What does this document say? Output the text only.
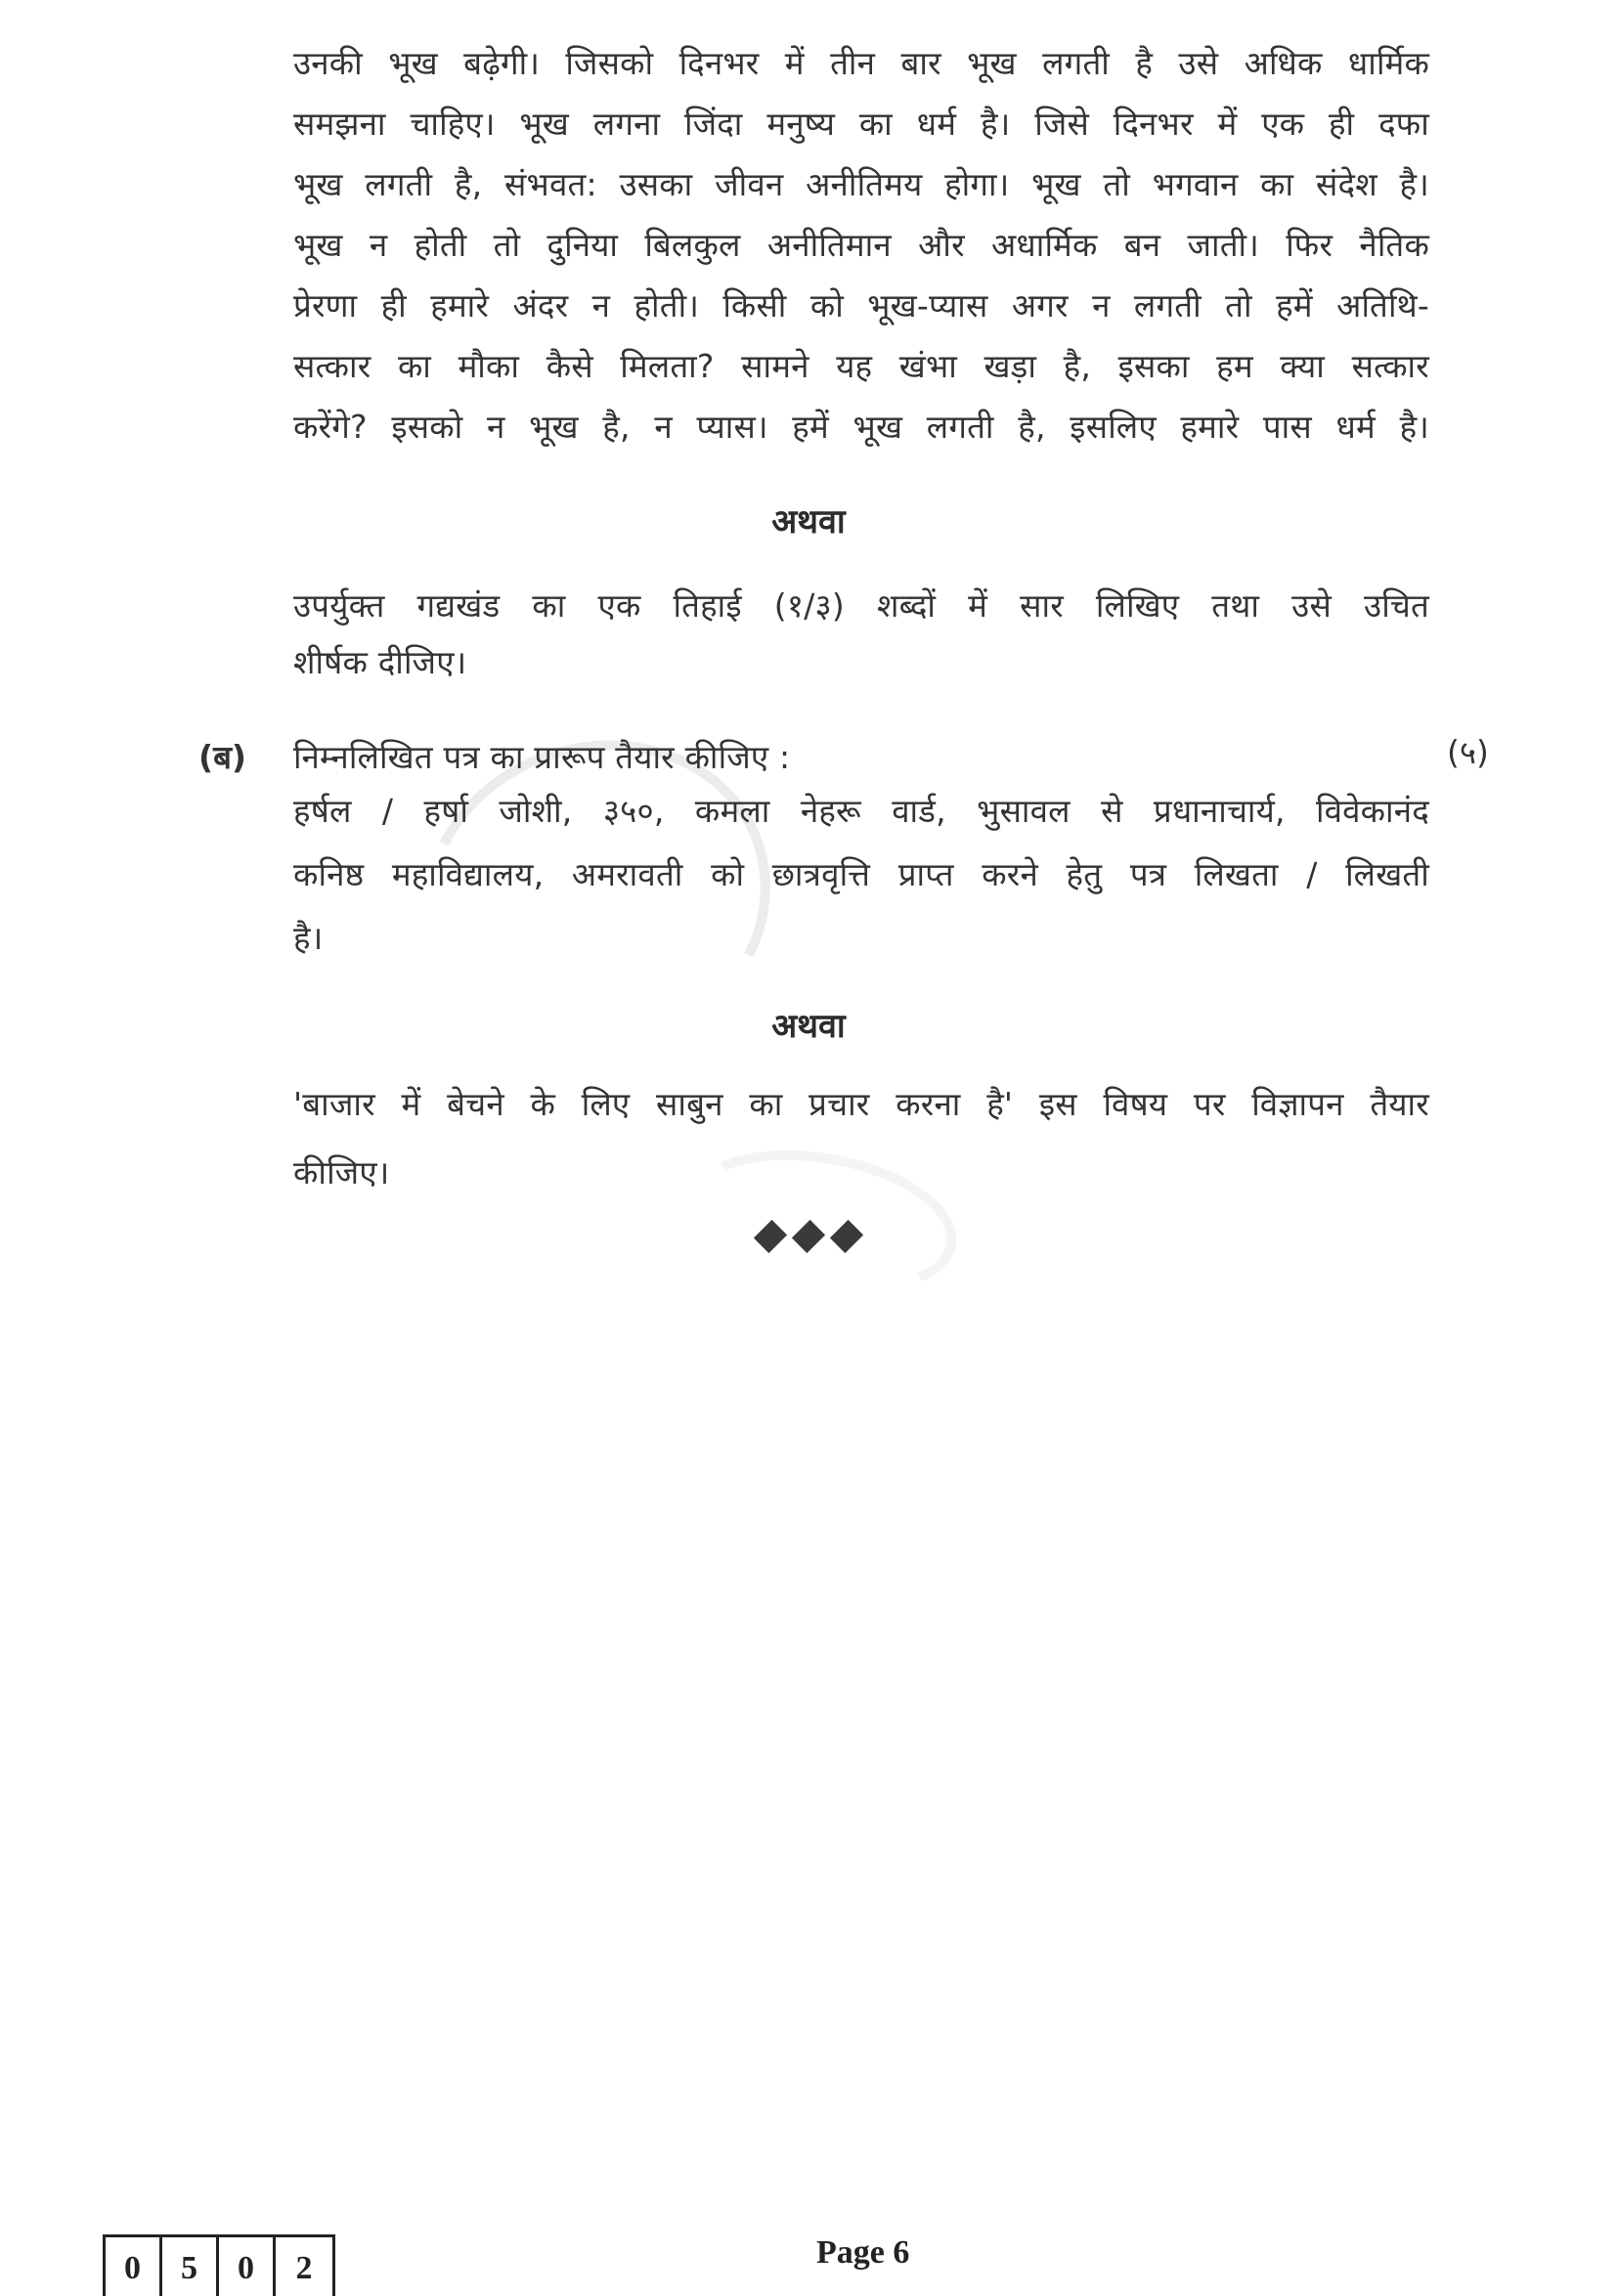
उनकी भूख बढ़ेगी। जिसको दिनभर में तीन बार भूख लगती है उसे अधिक धार्मिक
समझना चाहिए। भूख लगना जिंदा मनुष्य का धर्म है। जिसे दिनभर में एक ही दफा
भूख लगती है, संभवत: उसका जीवन अनीतिमय होगा। भूख तो भगवान का संदेश है।
भूख न होती तो दुनिया बिलकुल अनीतिमान और अधार्मिक बन जाती। फिर नैतिक
प्रेरणा ही हमारे अंदर न होती। किसी को भूख-प्यास अगर न लगती तो हमें अतिथि-
सत्कार का मौका कैसे मिलता? सामने यह खंभा खड़ा है, इसका हम क्या सत्कार
करेंगे? इसको न भूख है, न प्यास। हमें भूख लगती है, इसलिए हमारे पास धर्म है।
अथवा
उपर्युक्त गद्यखंड का एक तिहाई (१/३) शब्दों में सार लिखिए तथा उसे उचित
शीर्षक दीजिए।
(ब) निम्नलिखित पत्र का प्रारूप तैयार कीजिए :	(५)
हर्षल / हर्षा जोशी, ३५०, कमला नेहरू वार्ड, भुसावल से प्रधानाचार्य, विवेकानंद
कनिष्ठ महाविद्यालय, अमरावती को छात्रवृत्ति प्राप्त करने हेतु पत्र लिखता / लिखती
है।
अथवा
'बाजार में बेचने के लिए साबुन का प्रचार करना है' इस विषय पर विज्ञापन तैयार
कीजिए।

0	5	0	2	Page 6
